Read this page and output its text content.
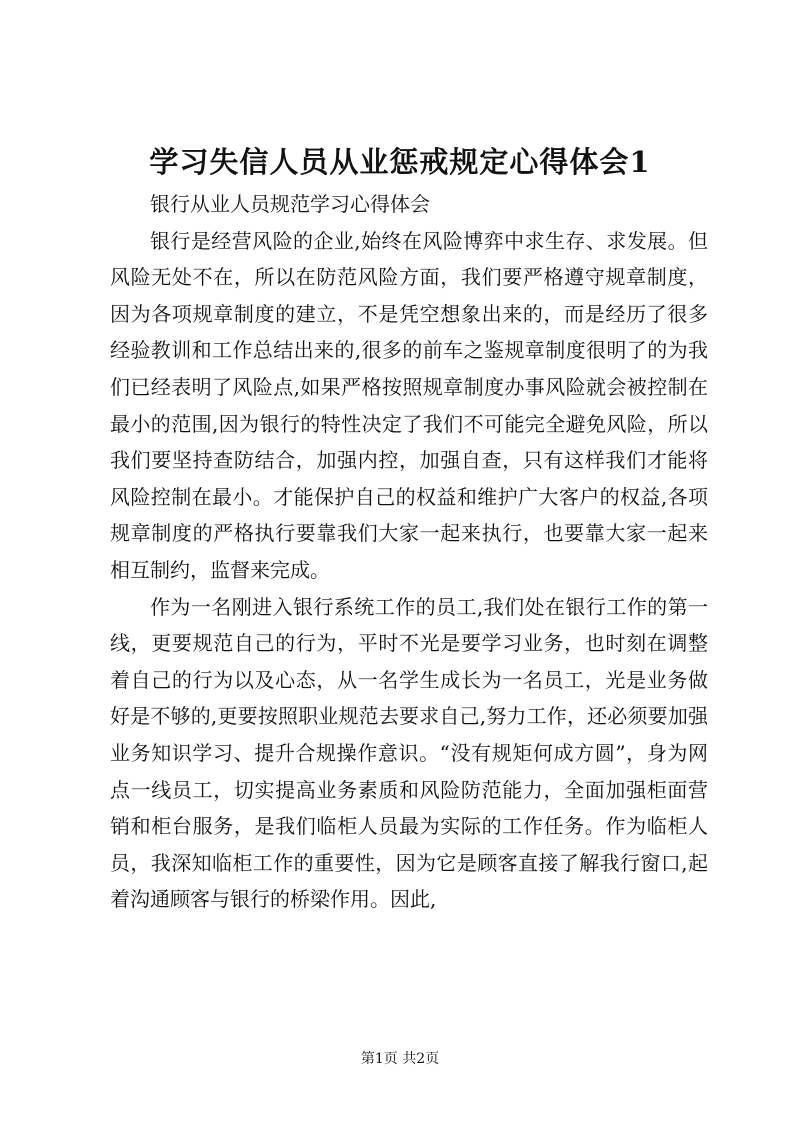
学习失信人员从业惩戒规定心得体会1

银行从业人员规范学习心得体会

银行是经营风险的企业,始终在风险博弈中求生存、求发展。但风险无处不在，所以在防范风险方面，我们要严格遵守规章制度，因为各项规章制度的建立，不是凭空想象出来的，而是经历了很多经验教训和工作总结出来的,很多的前车之鉴规章制度很明了的为我们已经表明了风险点,如果严格按照规章制度办事风险就会被控制在最小的范围,因为银行的特性决定了我们不可能完全避免风险，所以我们要坚持查防结合，加强内控，加强自查，只有这样我们才能将风险控制在最小。才能保护自己的权益和维护广大客户的权益,各项规章制度的严格执行要靠我们大家一起来执行，也要靠大家一起来相互制约，监督来完成。

作为一名刚进入银行系统工作的员工,我们处在银行工作的第一线，更要规范自己的行为，平时不光是要学习业务，也时刻在调整着自己的行为以及心态，从一名学生成长为一名员工，光是业务做好是不够的,更要按照职业规范去要求自己,努力工作，还必须要加强业务知识学习、提升合规操作意识。“没有规矩何成方圆”，身为网点一线员工，切实提高业务素质和风险防范能力，全面加强柜面营销和柜台服务，是我们临柜人员最为实际的工作任务。作为临柜人员，我深知临柜工作的重要性，因为它是顾客直接了解我行窗口,起着沟通顾客与银行的桥梁作用。因此,

第1页 共2页
